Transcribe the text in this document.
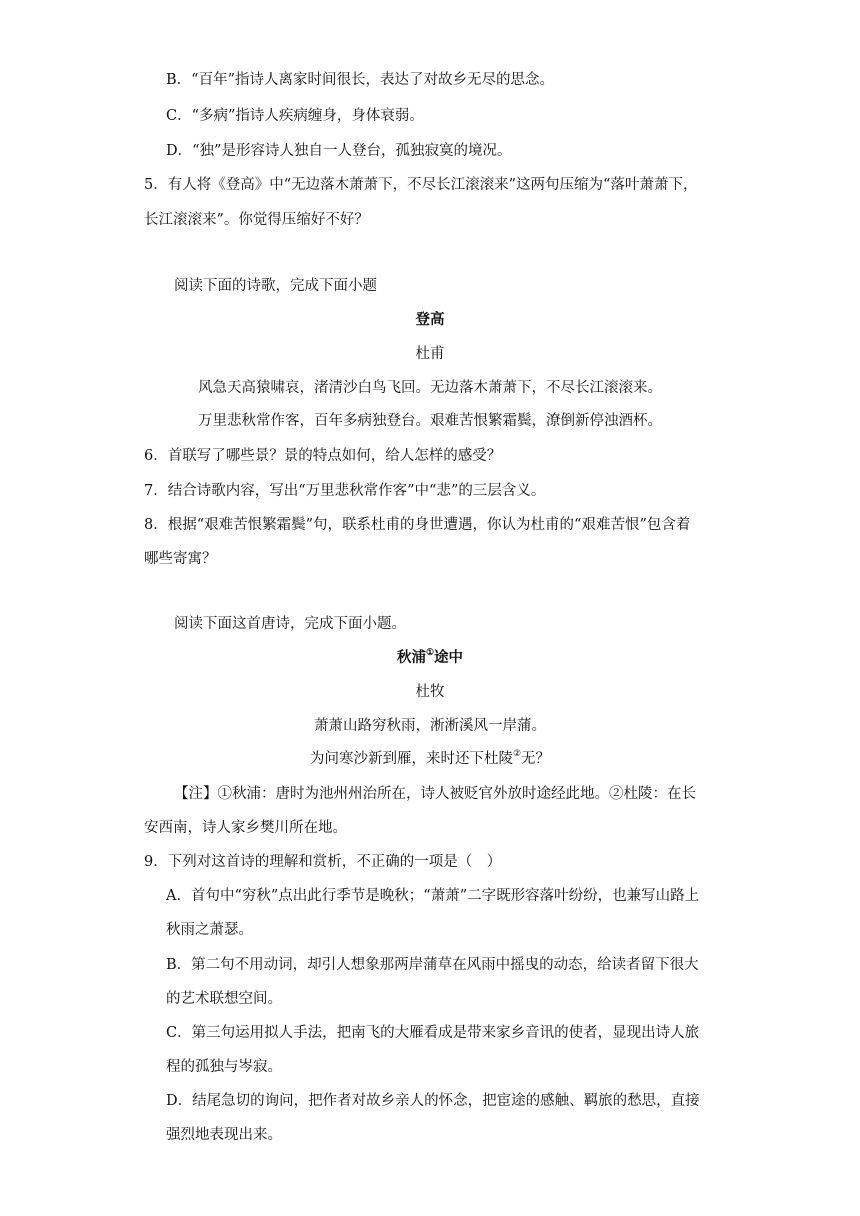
B．“百年”指诗人离家时间很长，表达了对故乡无尽的思念。
C．“多病”指诗人疾病缠身，身体衰弱。
D．“独”是形容诗人独自一人登台，孤独寂寞的境况。
5．有人将《登高》中“无边落木萧萧下，不尽长江滚滚来”这两句压缩为“落叶萧萧下，
长江滚滚来”。你觉得压缩好不好？
阅读下面的诗歌，完成下面小题
登高
杜甫
风急天高猿啸哀，渚清沙白鸟飞回。无边落木萧萧下，不尽长江滚滚来。
万里悲秋常作客，百年多病独登台。艰难苦恨繁霜鬓，潦倒新停浊酒杯。
6．首联写了哪些景？景的特点如何，给人怎样的感受？
7．结合诗歌内容，写出“万里悲秋常作客”中“悲”的三层含义。
8．根据“艰难苦恨繁霜鬓”句，联系杜甫的身世遭遇，你认为杜甫的“艰难苦恨”包含着
哪些寄寓？
阅读下面这首唐诗，完成下面小题。
秋浦①途中
杜牧
萧萧山路穷秋雨，淅淅溪风一岸蒲。
为问寒沙新到雁，来时还下杜陵②无？
【注】①秋浦：唐时为池州州治所在，诗人被贬官外放时途经此地。②杜陵：在长
安西南，诗人家乡樊川所在地。
9．下列对这首诗的理解和赏析，不正确的一项是（　）
A．首句中“穷秋”点出此行季节是晚秋；“萧萧”二字既形容落叶纷纷，也兼写山路上
秋雨之萧瑟。
B．第二句不用动词，却引人想象那两岸蒲草在风雨中摇曳的动态，给读者留下很大
的艺术联想空间。
C．第三句运用拟人手法，把南飞的大雁看成是带来家乡音讯的使者，显现出诗人旅
程的孤独与岑寂。
D．结尾急切的询问，把作者对故乡亲人的怀念，把宦途的感触、羁旅的愁思，直接
强烈地表现出来。
